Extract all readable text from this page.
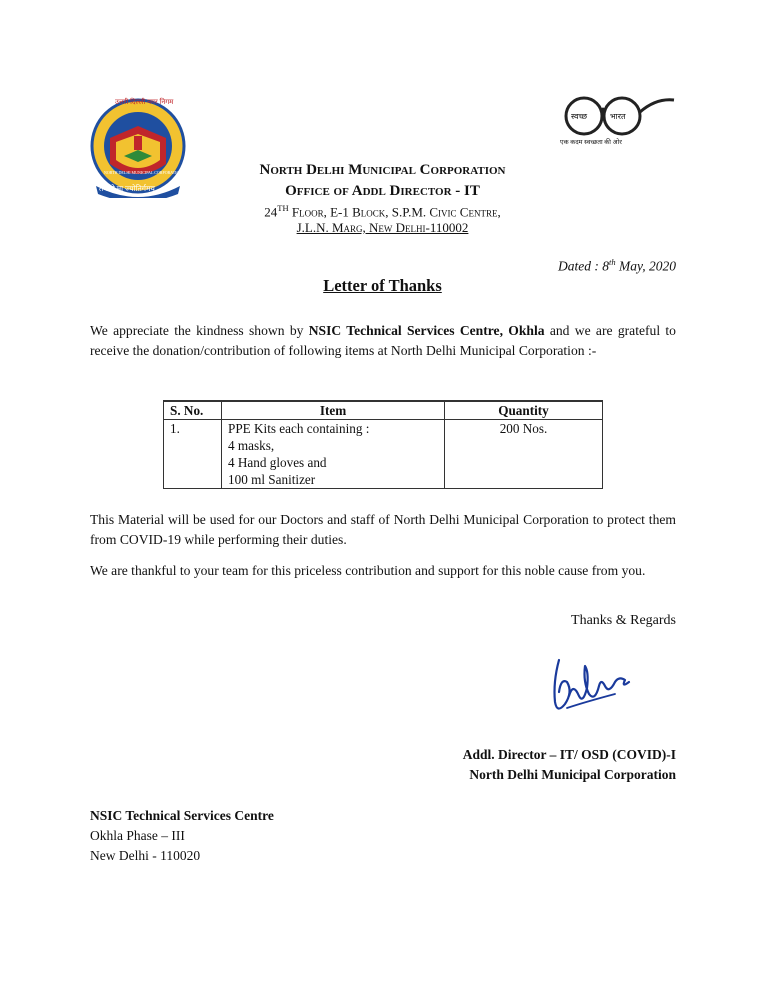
उत्तरी दिल्ली नगर निगम
तमसो मा ज्योतिर्गमय
NORTH DELHI MUNICIPAL CORPORATION
स्वच्छ	भारत
एक कदम स्वच्छता की ओर
North Delhi Municipal Corporation
Office of Addl Director - IT
24TH Floor, E-1 Block, S.P.M. Civic Centre,
J.L.N. Marg, New Delhi-110002
Dated : 8th May, 2020
Letter of Thanks
We appreciate the kindness shown by NSIC Technical Services Centre, Okhla and we are grateful to receive the donation/contribution of following items at North Delhi Municipal Corporation :-
S. No.	Item	Quantity
1.	PPE Kits each containing :
4 masks,
4 Hand gloves and
100 ml Sanitizer	200 Nos.
This Material will be used for our Doctors and staff of North Delhi Municipal Corporation to protect them from COVID-19 while performing their duties.
We are thankful to your team for this priceless contribution and support for this noble cause from you.
Thanks & Regards
Addl. Director – IT/ OSD (COVID)-I
North Delhi Municipal Corporation
NSIC Technical Services Centre
Okhla Phase – III
New Delhi - 110020
